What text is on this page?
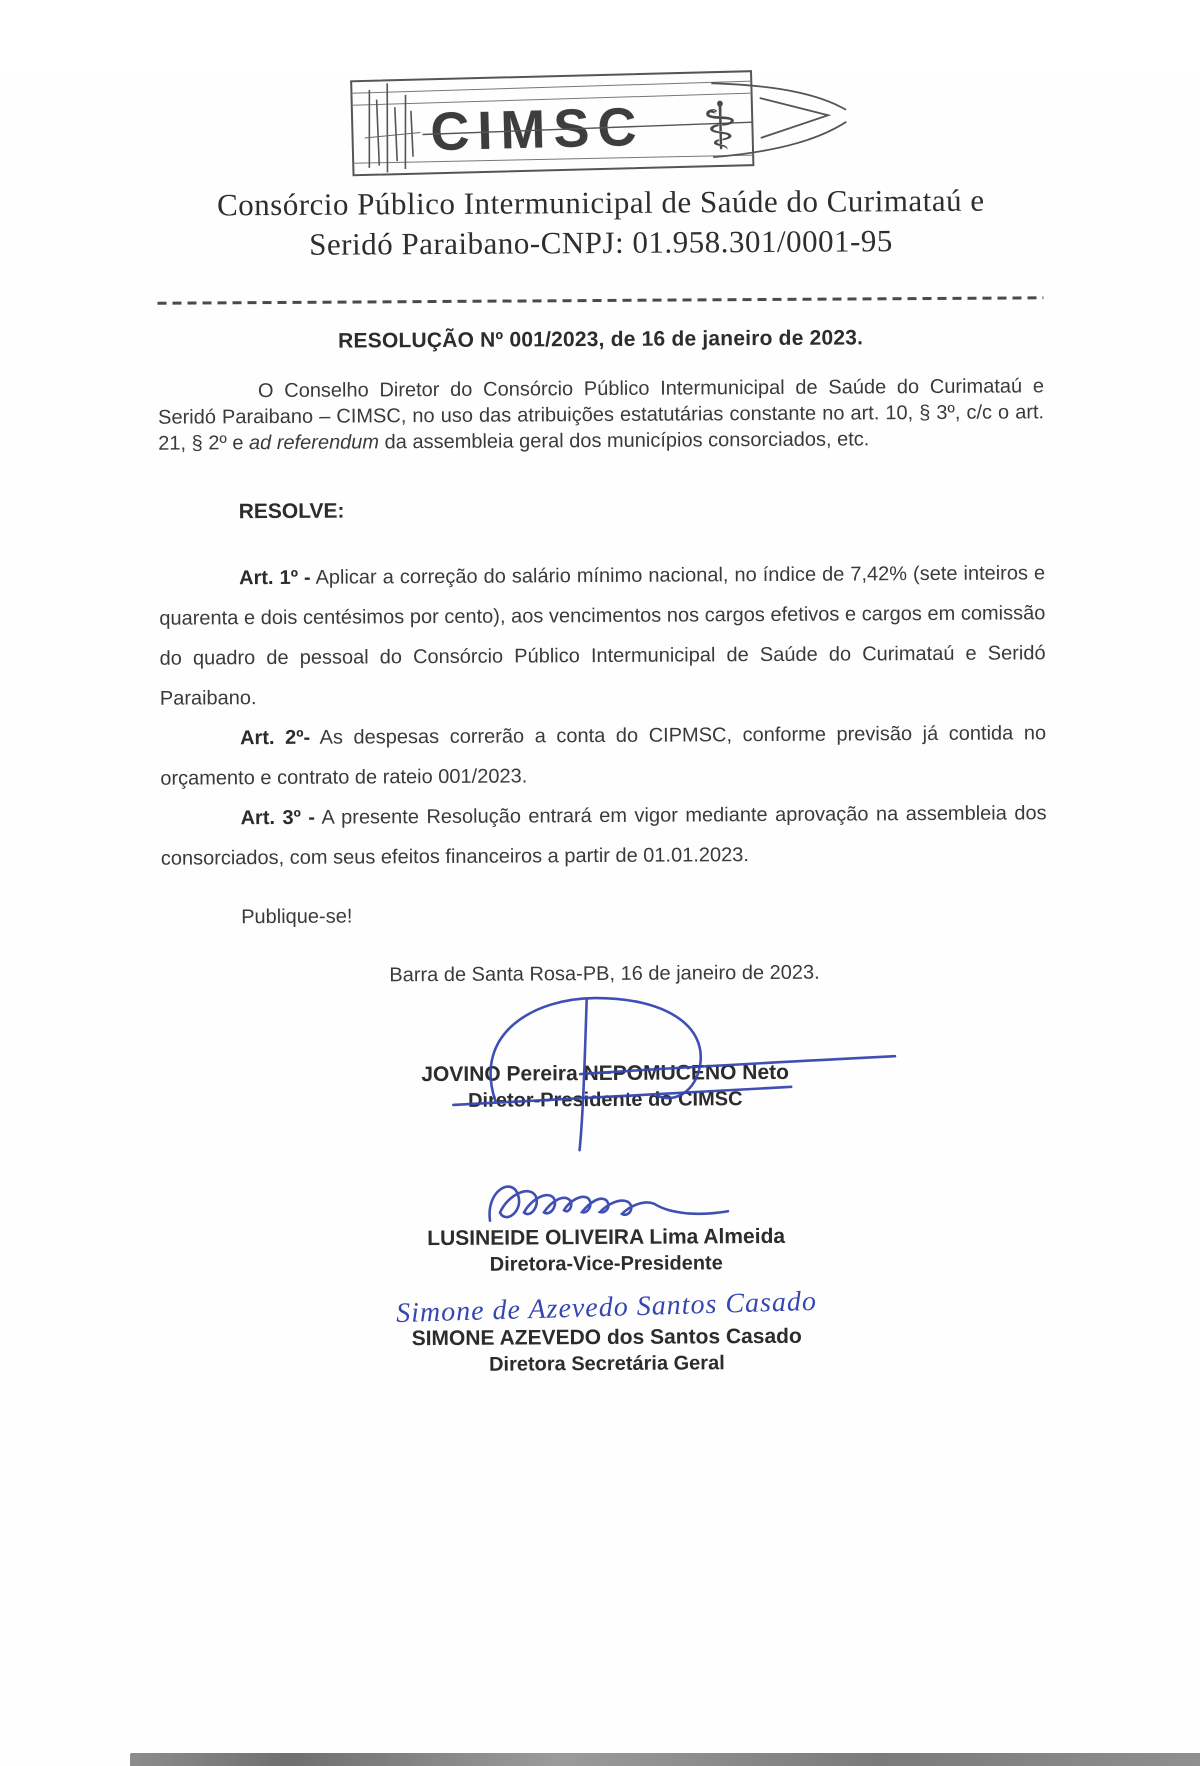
CIMSC ⚕
Consórcio Público Intermunicipal de Saúde do Curimataú e
Seridó Paraibano-CNPJ: 01.958.301/0001-95
RESOLUÇÃO Nº 001/2023, de 16 de janeiro de 2023.

O Conselho Diretor do Consórcio Público Intermunicipal de Saúde do Curimataú e Seridó Paraibano – CIMSC, no uso das atribuições estatutárias constante no art. 10, § 3º, c/c o art. 21, § 2º e ad referendum da assembleia geral dos municípios consorciados, etc.

RESOLVE:

Art. 1º - Aplicar a correção do salário mínimo nacional, no índice de 7,42% (sete inteiros e quarenta e dois centésimos por cento), aos vencimentos nos cargos efetivos e cargos em comissão do quadro de pessoal do Consórcio Público Intermunicipal de Saúde do Curimataú e Seridó Paraibano.

Art. 2º- As despesas correrão a conta do CIPMSC, conforme previsão já contida no orçamento e contrato de rateio 001/2023.

Art. 3º - A presente Resolução entrará em vigor mediante aprovação na assembleia dos consorciados, com seus efeitos financeiros a partir de 01.01.2023.

Publique-se!
Barra de Santa Rosa-PB, 16 de janeiro de 2023.
JOVINO Pereira NEPOMUCENO Neto
Diretor-Presidente do CIMSC
LUSINEIDE OLIVEIRA Lima Almeida
Diretora-Vice-Presidente
Simone de Azevedo Santos Casado
SIMONE AZEVEDO dos Santos Casado
Diretora Secretária Geral
